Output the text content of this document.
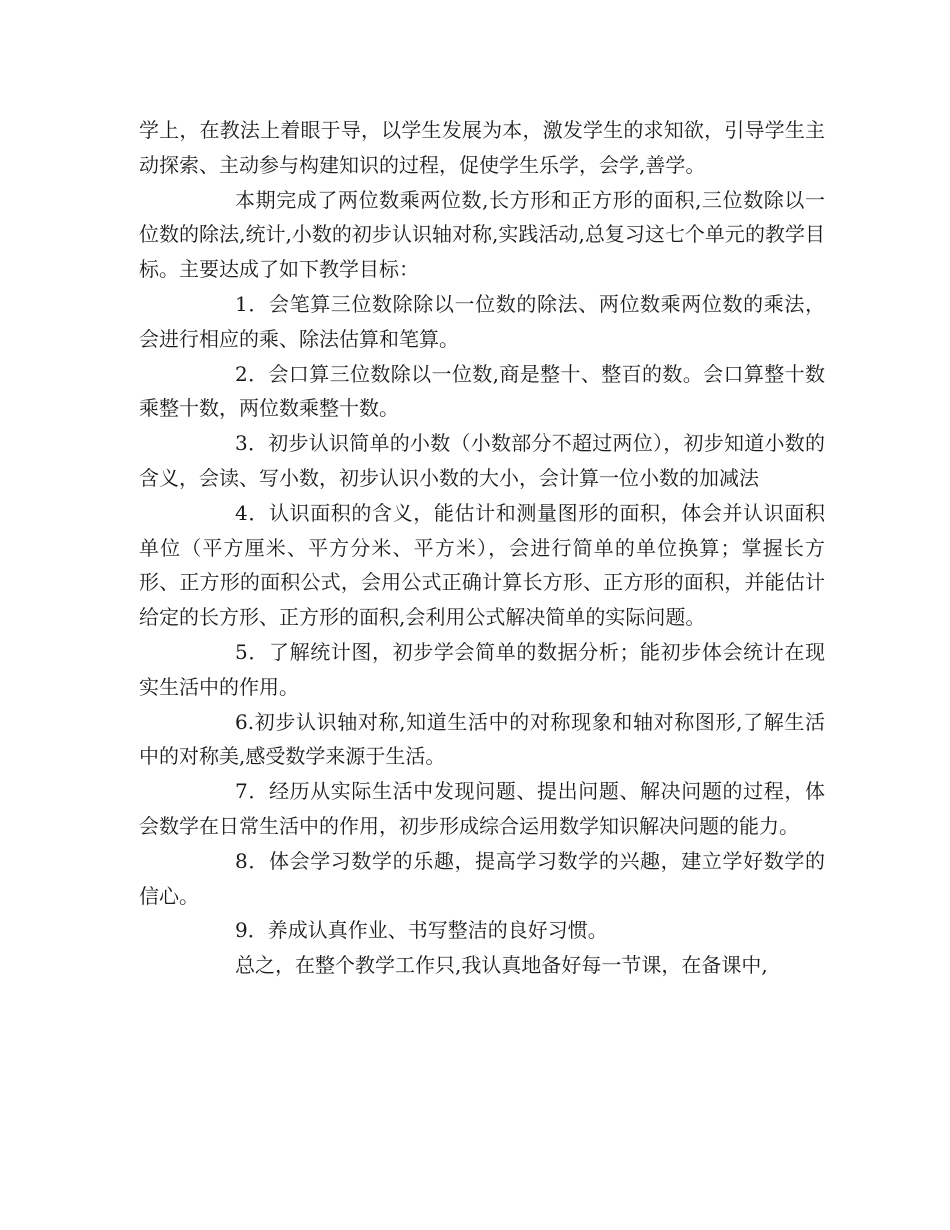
学上，在教法上着眼于导，以学生发展为本，激发学生的求知欲，引导学生主动探索、主动参与构建知识的过程，促使学生乐学，会学,善学。

本期完成了两位数乘两位数,长方形和正方形的面积,三位数除以一位数的除法,统计,小数的初步认识轴对称,实践活动,总复习这七个单元的教学目标。主要达成了如下教学目标：

1．会笔算三位数除除以一位数的除法、两位数乘两位数的乘法，会进行相应的乘、除法估算和笔算。

2．会口算三位数除以一位数,商是整十、整百的数。会口算整十数乘整十数，两位数乘整十数。

3．初步认识简单的小数（小数部分不超过两位），初步知道小数的含义，会读、写小数，初步认识小数的大小，会计算一位小数的加减法

4．认识面积的含义，能估计和测量图形的面积，体会并认识面积单位（平方厘米、平方分米、平方米），会进行简单的单位换算；掌握长方形、正方形的面积公式，会用公式正确计算长方形、正方形的面积，并能估计给定的长方形、正方形的面积,会利用公式解决简单的实际问题。

5．了解统计图，初步学会简单的数据分析；能初步体会统计在现实生活中的作用。

6.初步认识轴对称,知道生活中的对称现象和轴对称图形,了解生活中的对称美,感受数学来源于生活。

7．经历从实际生活中发现问题、提出问题、解决问题的过程，体会数学在日常生活中的作用，初步形成综合运用数学知识解决问题的能力。

8．体会学习数学的乐趣，提高学习数学的兴趣，建立学好数学的信心。

9．养成认真作业、书写整洁的良好习惯。

总之，在整个教学工作只,我认真地备好每一节课，在备课中,
